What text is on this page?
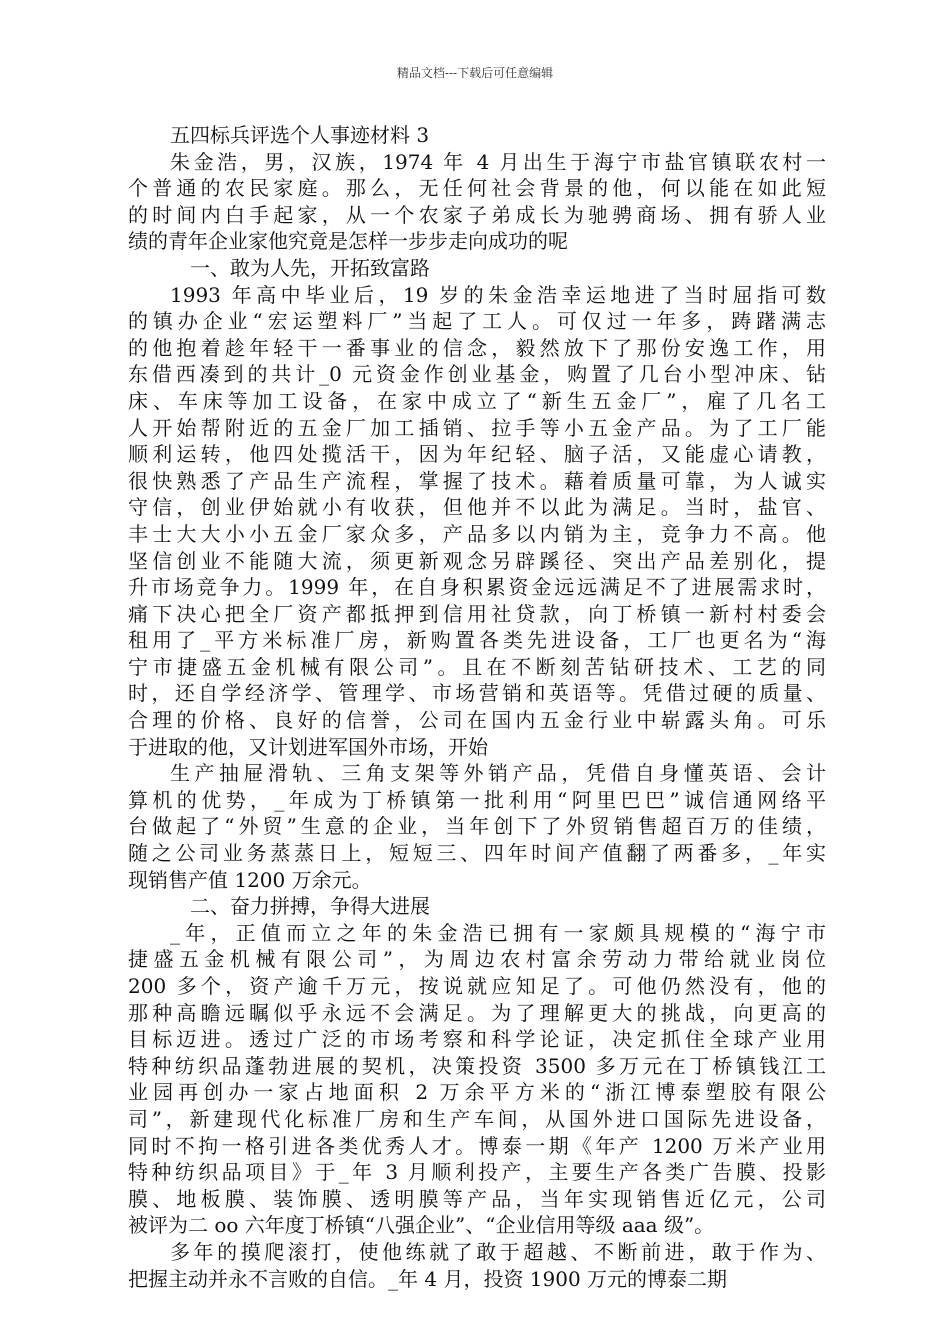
精品文档---下载后可任意编辑
五四标兵评选个人事迹材料 3
朱金浩，男，汉族，1974 年 4 月出生于海宁市盐官镇联农村一
个普通的农民家庭。那么，无任何社会背景的他，何以能在如此短
的时间内白手起家，从一个农家子弟成长为驰骋商场、拥有骄人业
绩的青年企业家他究竟是怎样一步步走向成功的呢
一、敢为人先，开拓致富路
1993 年高中毕业后，19 岁的朱金浩幸运地进了当时屈指可数
的镇办企业“宏运塑料厂”当起了工人。可仅过一年多，踌躇满志
的他抱着趁年轻干一番事业的信念，毅然放下了那份安逸工作，用
东借西凑到的共计_0 元资金作创业基金，购置了几台小型冲床、钻
床、车床等加工设备，在家中成立了“新生五金厂”，雇了几名工
人开始帮附近的五金厂加工插销、拉手等小五金产品。为了工厂能
顺利运转，他四处揽活干，因为年纪轻、脑子活，又能虚心请教，
很快熟悉了产品生产流程，掌握了技术。藉着质量可靠，为人诚实
守信，创业伊始就小有收获，但他并不以此为满足。当时，盐官、
丰士大大小小五金厂家众多，产品多以内销为主，竞争力不高。他
坚信创业不能随大流，须更新观念另辟蹊径、突出产品差别化，提
升市场竞争力。1999 年，在自身积累资金远远满足不了进展需求时，
痛下决心把全厂资产都抵押到信用社贷款，向丁桥镇一新村村委会
租用了_平方米标准厂房，新购置各类先进设备，工厂也更名为“海
宁市捷盛五金机械有限公司”。且在不断刻苦钻研技术、工艺的同
时，还自学经济学、管理学、市场营销和英语等。凭借过硬的质量、
合理的价格、良好的信誉，公司在国内五金行业中崭露头角。可乐
于进取的他，又计划进军国外市场，开始
生产抽屉滑轨、三角支架等外销产品，凭借自身懂英语、会计
算机的优势，_年成为丁桥镇第一批利用“阿里巴巴”诚信通网络平
台做起了“外贸”生意的企业，当年创下了外贸销售超百万的佳绩，
随之公司业务蒸蒸日上，短短三、四年时间产值翻了两番多，_年实
现销售产值 1200 万余元。
二、奋力拼搏，争得大进展
_年，正值而立之年的朱金浩已拥有一家颇具规模的“海宁市
捷盛五金机械有限公司”，为周边农村富余劳动力带给就业岗位
200 多个，资产逾千万元，按说就应知足了。可他仍然没有，他的
那种高瞻远瞩似乎永远不会满足。为了理解更大的挑战，向更高的
目标迈进。透过广泛的市场考察和科学论证，决定抓住全球产业用
特种纺织品蓬勃进展的契机，决策投资 3500 多万元在丁桥镇钱江工
业园再创办一家占地面积 2 万余平方米的“浙江博泰塑胶有限公
司”，新建现代化标准厂房和生产车间，从国外进口国际先进设备，
同时不拘一格引进各类优秀人才。博泰一期《年产 1200 万米产业用
特种纺织品项目》于_年 3 月顺利投产，主要生产各类广告膜、投影
膜、地板膜、装饰膜、透明膜等产品，当年实现销售近亿元，公司
被评为二 oo 六年度丁桥镇“八强企业”、“企业信用等级 aaa 级”。
多年的摸爬滚打，使他练就了敢于超越、不断前进，敢于作为、
把握主动并永不言败的自信。_年 4 月，投资 1900 万元的博泰二期
